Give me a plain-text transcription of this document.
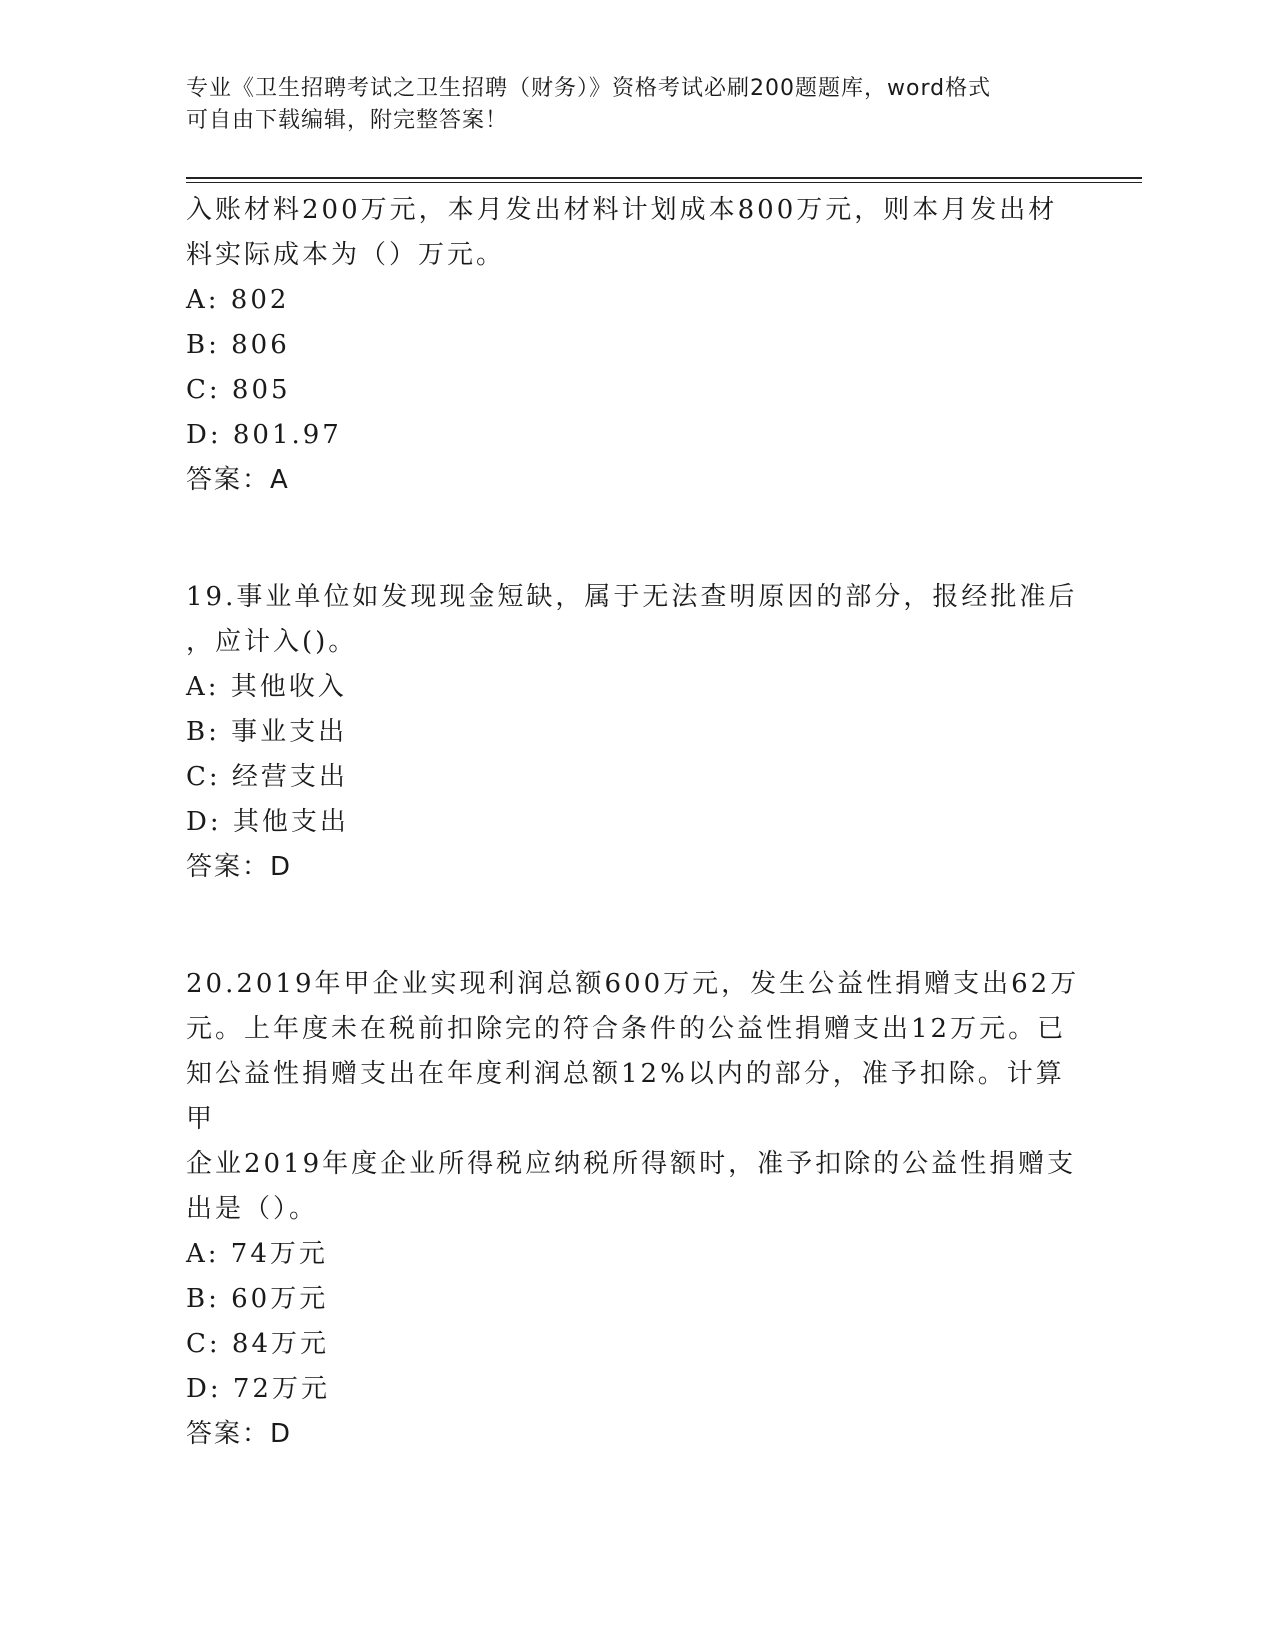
专业《卫生招聘考试之卫生招聘（财务）》资格考试必刷200题题库，word格式
可自由下载编辑，附完整答案！

入账材料200万元，本月发出材料计划成本800万元，则本月发出材

料实际成本为（）万元。

A: 802

B: 806

C: 805

D: 801.97

答案：A

19.事业单位如发现现金短缺，属于无法查明原因的部分，报经批准后

，应计入()。

A: 其他收入

B: 事业支出

C: 经营支出

D: 其他支出

答案：D

20.2019年甲企业实现利润总额600万元，发生公益性捐赠支出62万

元。上年度未在税前扣除完的符合条件的公益性捐赠支出12万元。已

知公益性捐赠支出在年度利润总额12%以内的部分，准予扣除。计算甲

企业2019年度企业所得税应纳税所得额时，准予扣除的公益性捐赠支

出是（）。

A: 74万元

B: 60万元

C: 84万元

D: 72万元

答案：D
